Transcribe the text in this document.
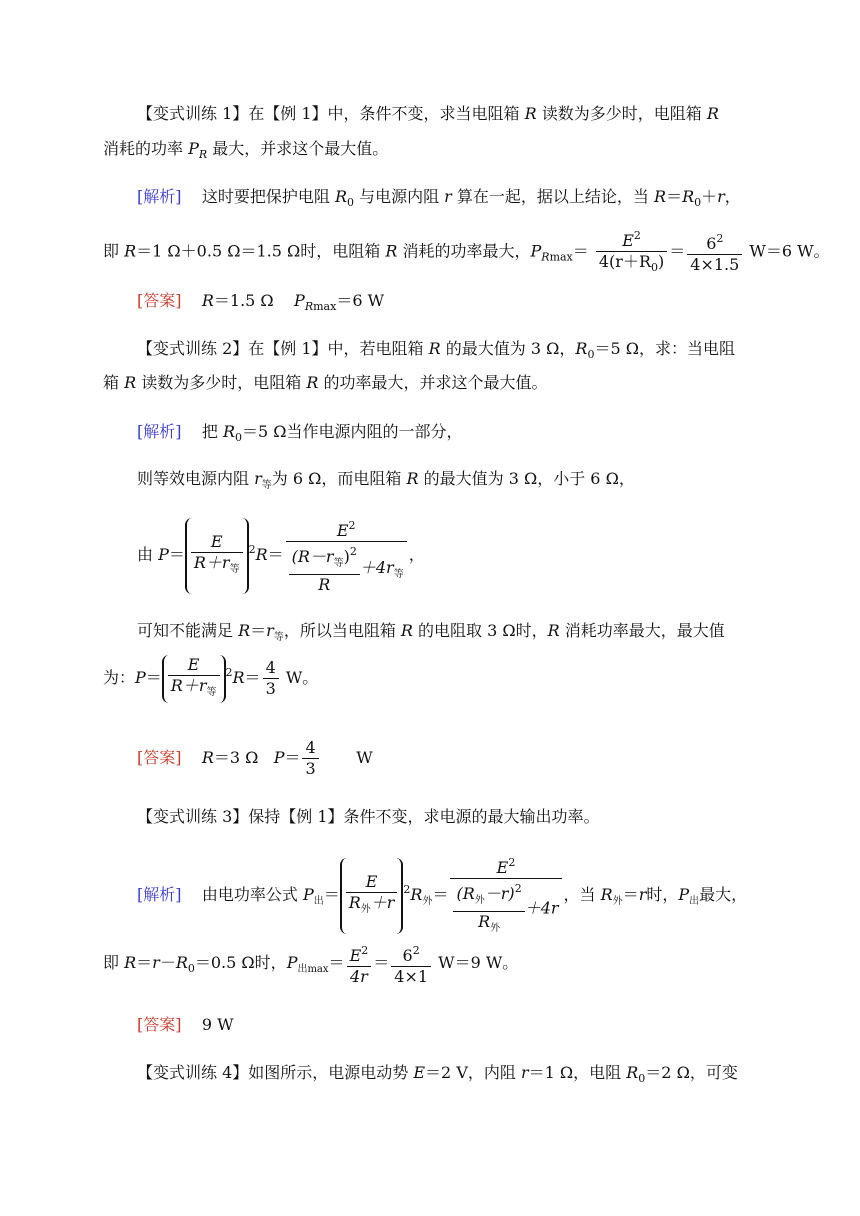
【变式训练 1】在【例 1】中，条件不变，求当电阻箱 R 读数为多少时，电阻箱 R
消耗的功率 $P_R$ 最大，并求这个最大值。
[解析] 这时要把保护电阻 $R_0$ 与电源内阻 r 算在一起，据以上结论，当 $R=R_0+r$，
即 R＝1 Ω＋0.5 Ω＝1.5 Ω时，电阻箱 R 消耗的功率最大，$P_{Rmax}= \frac{E^2}{4(r+R_0)} = \frac{6^2}{4\times 1.5} W=6$ W。
[答案] R＝1.5 Ω $P_{Rmax}=6$ W
【变式训练 2】在【例 1】中，若电阻箱 R 的最大值为 3 Ω，$R_0=5$ Ω，求：当电阻
箱 R 读数为多少时，电阻箱 R 的功率最大，并求这个最大值。
[解析] 把 $R_0=5$ Ω当作电源内阻的一部分，
则等效电源内阻 $r_等$为 6 Ω，而电阻箱 R 的最大值为 3 Ω，小于 6 Ω，
由 $P= \frac{E}{R+r_等} ^2R= \frac{E^2}{\frac{(R-r_等)^2}{R} +4r_等}$ ，
可知不能满足 $R=r_等$，所以当电阻箱 R 的电阻取 3 Ω时，R 消耗功率最大，最大值
为：$P= \frac{E}{R+r_等} ^2R= \frac{4}{3}$ W。
[答案] R＝3 Ω $P= \frac{4}{3}$ W
【变式训练 3】保持【例 1】条件不变，求电源的最大输出功率。
[解析] 由电功率公式 $P_出= \frac{E}{R_外+r} ^2R_外= \frac{E^2}{\frac{(R_外-r)^2}{R_外} +4r}$ ，当 $R_外=r$时，$P_出$最大，
即 $R=r-R_0=0.5$ Ω时，$P_{出max}= \frac{E^2}{4r} = \frac{6^2}{4\times 1} W=9$ W。
[答案] 9 W
【变式训练 4】如图所示，电源电动势 E＝2 V，内阻 r＝1 Ω，电阻 $R_0=2$ Ω，可变
